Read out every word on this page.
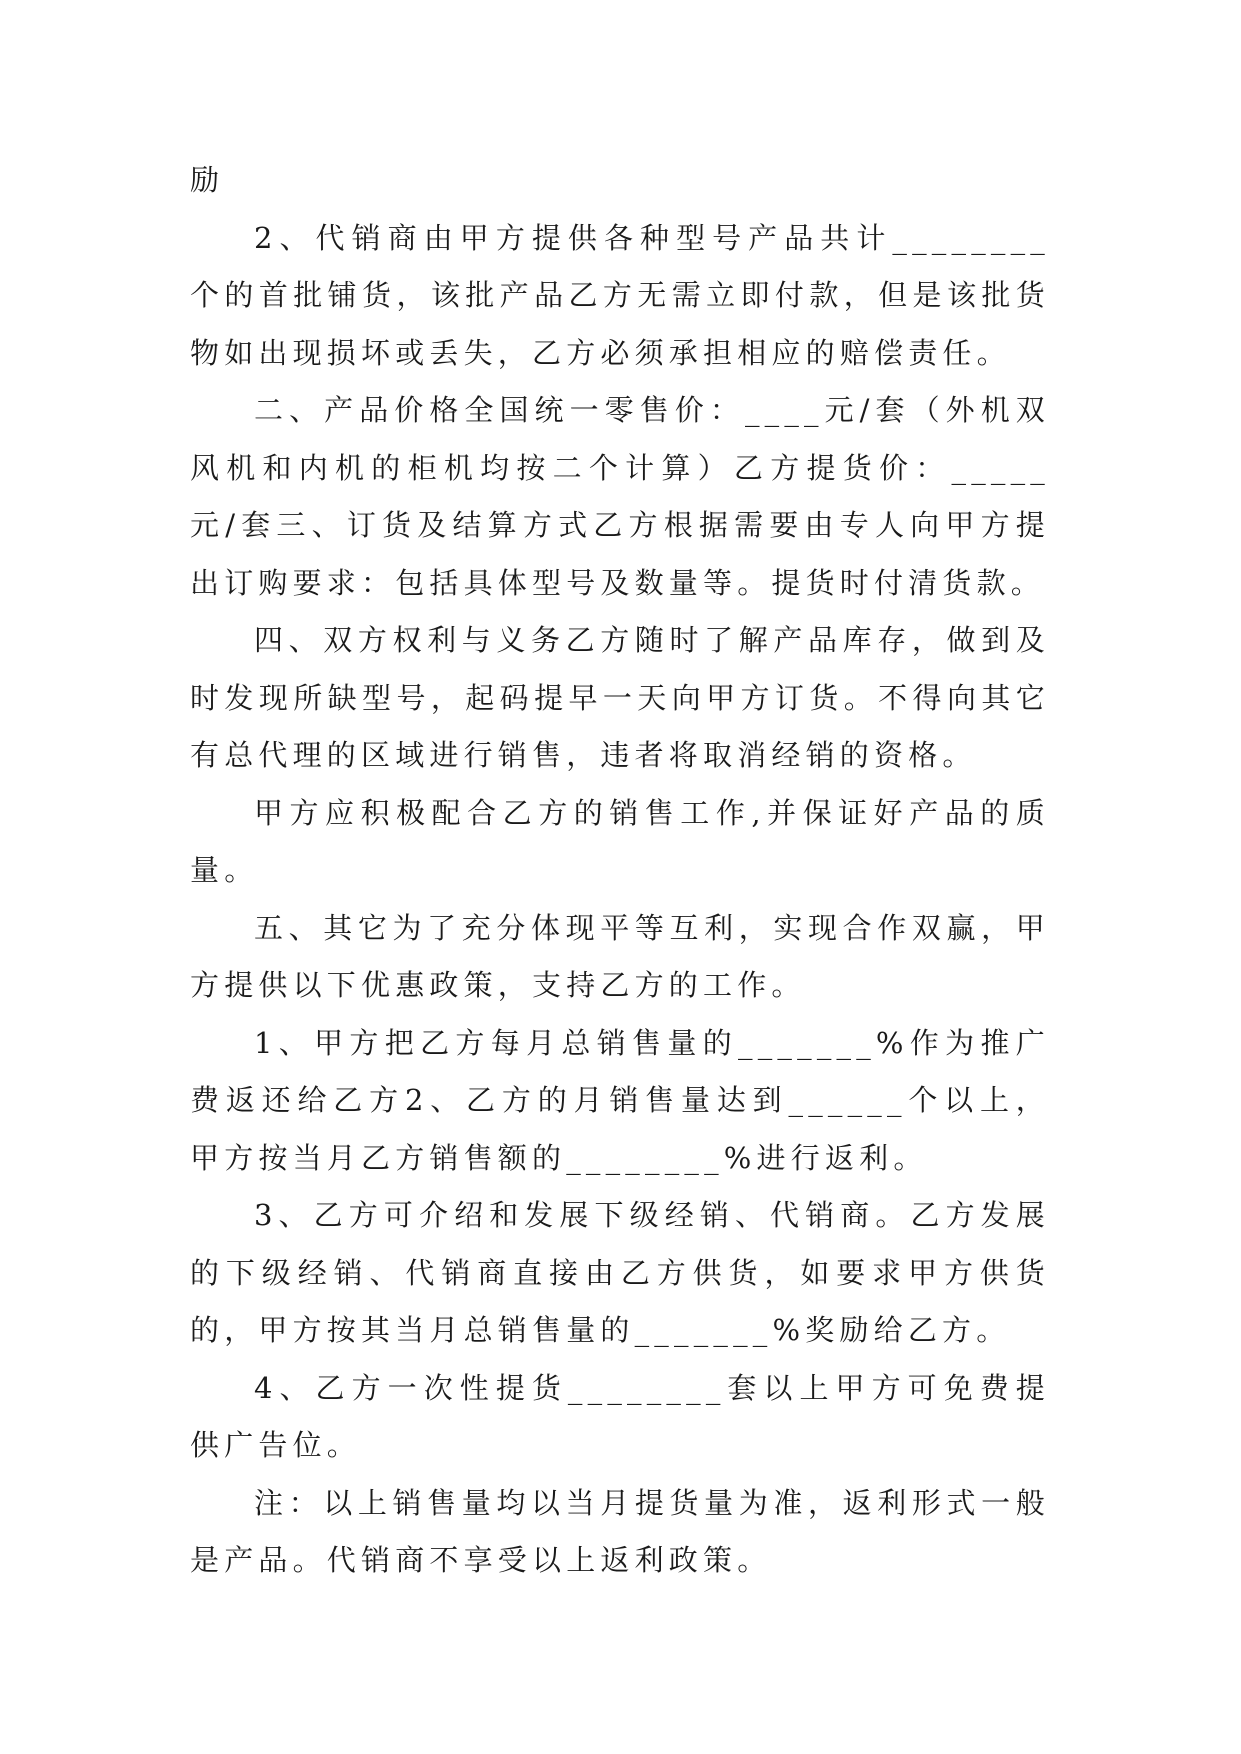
励

2、代销商由甲方提供各种型号产品共计________个的首批铺货，该批产品乙方无需立即付款，但是该批货物如出现损坏或丢失，乙方必须承担相应的赔偿责任。

二、产品价格全国统一零售价：____元/套（外机双风机和内机的柜机均按二个计算）乙方提货价：_____元/套三、订货及结算方式乙方根据需要由专人向甲方提出订购要求：包括具体型号及数量等。提货时付清货款。

四、双方权利与义务乙方随时了解产品库存，做到及时发现所缺型号，起码提早一天向甲方订货。不得向其它有总代理的区域进行销售，违者将取消经销的资格。

甲方应积极配合乙方的销售工作,并保证好产品的质量。

五、其它为了充分体现平等互利，实现合作双赢，甲方提供以下优惠政策，支持乙方的工作。

1、甲方把乙方每月总销售量的_______%作为推广费返还给乙方2、乙方的月销售量达到______个以上，甲方按当月乙方销售额的________%进行返利。

3、乙方可介绍和发展下级经销、代销商。乙方发展的下级经销、代销商直接由乙方供货，如要求甲方供货的，甲方按其当月总销售量的_______%奖励给乙方。

4、乙方一次性提货________套以上甲方可免费提供广告位。

注：以上销售量均以当月提货量为准，返利形式一般是产品。代销商不享受以上返利政策。
